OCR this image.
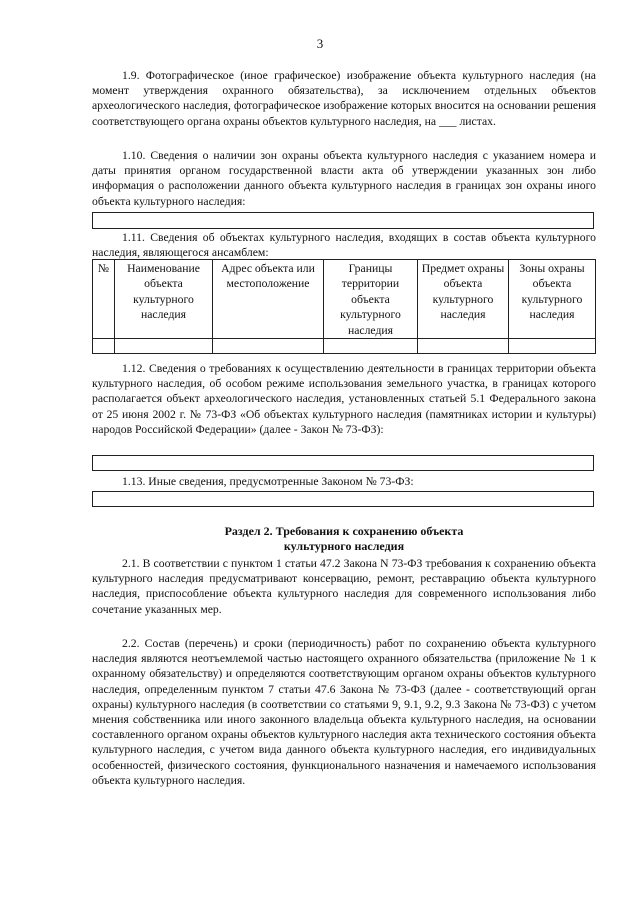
3

1.9. Фотографическое (иное графическое) изображение объекта культурного наследия (на момент утверждения охранного обязательства), за исключением отдельных объектов археологического наследия, фотографическое изображение которых вносится на основании решения соответствующего органа охраны объектов культурного наследия, на ___ листах.

1.10. Сведения о наличии зон охраны объекта культурного наследия с указанием номера и даты принятия органом государственной власти акта об утверждении указанных зон либо информация о расположении данного объекта культурного наследия в границах зон охраны иного объекта культурного наследия:

1.11. Сведения об объектах культурного наследия, входящих в состав объекта культурного наследия, являющегося ансамблем:

№	Наименование объекта культурного наследия	Адрес объекта или местоположение	Границы территории объекта культурного наследия	Предмет охраны объекта культурного наследия	Зоны охраны объекта культурного наследия

1.12. Сведения о требованиях к осуществлению деятельности в границах территории объекта культурного наследия, об особом режиме использования земельного участка, в границах которого располагается объект археологического наследия, установленных статьей 5.1 Федерального закона от 25 июня 2002 г. № 73-ФЗ «Об объектах культурного наследия (памятниках истории и культуры) народов Российской Федерации» (далее - Закон № 73-ФЗ):

1.13. Иные сведения, предусмотренные Законом № 73-ФЗ:

Раздел 2. Требования к сохранению объекта
культурного наследия

2.1. В соответствии с пунктом 1 статьи 47.2 Закона N 73-ФЗ требования к сохранению объекта культурного наследия предусматривают консервацию, ремонт, реставрацию объекта культурного наследия, приспособление объекта культурного наследия для современного использования либо сочетание указанных мер.

2.2. Состав (перечень) и сроки (периодичность) работ по сохранению объекта культурного наследия являются неотъемлемой частью настоящего охранного обязательства (приложение № 1 к охранному обязательству) и определяются соответствующим органом охраны объектов культурного наследия, определенным пунктом 7 статьи 47.6 Закона № 73-ФЗ (далее - соответствующий орган охраны) культурного наследия (в соответствии со статьями 9, 9.1, 9.2, 9.3 Закона № 73-ФЗ) с учетом мнения собственника или иного законного владельца объекта культурного наследия, на основании составленного органом охраны объектов культурного наследия акта технического состояния объекта культурного наследия, с учетом вида данного объекта культурного наследия, его индивидуальных особенностей, физического состояния, функционального назначения и намечаемого использования объекта культурного наследия.
